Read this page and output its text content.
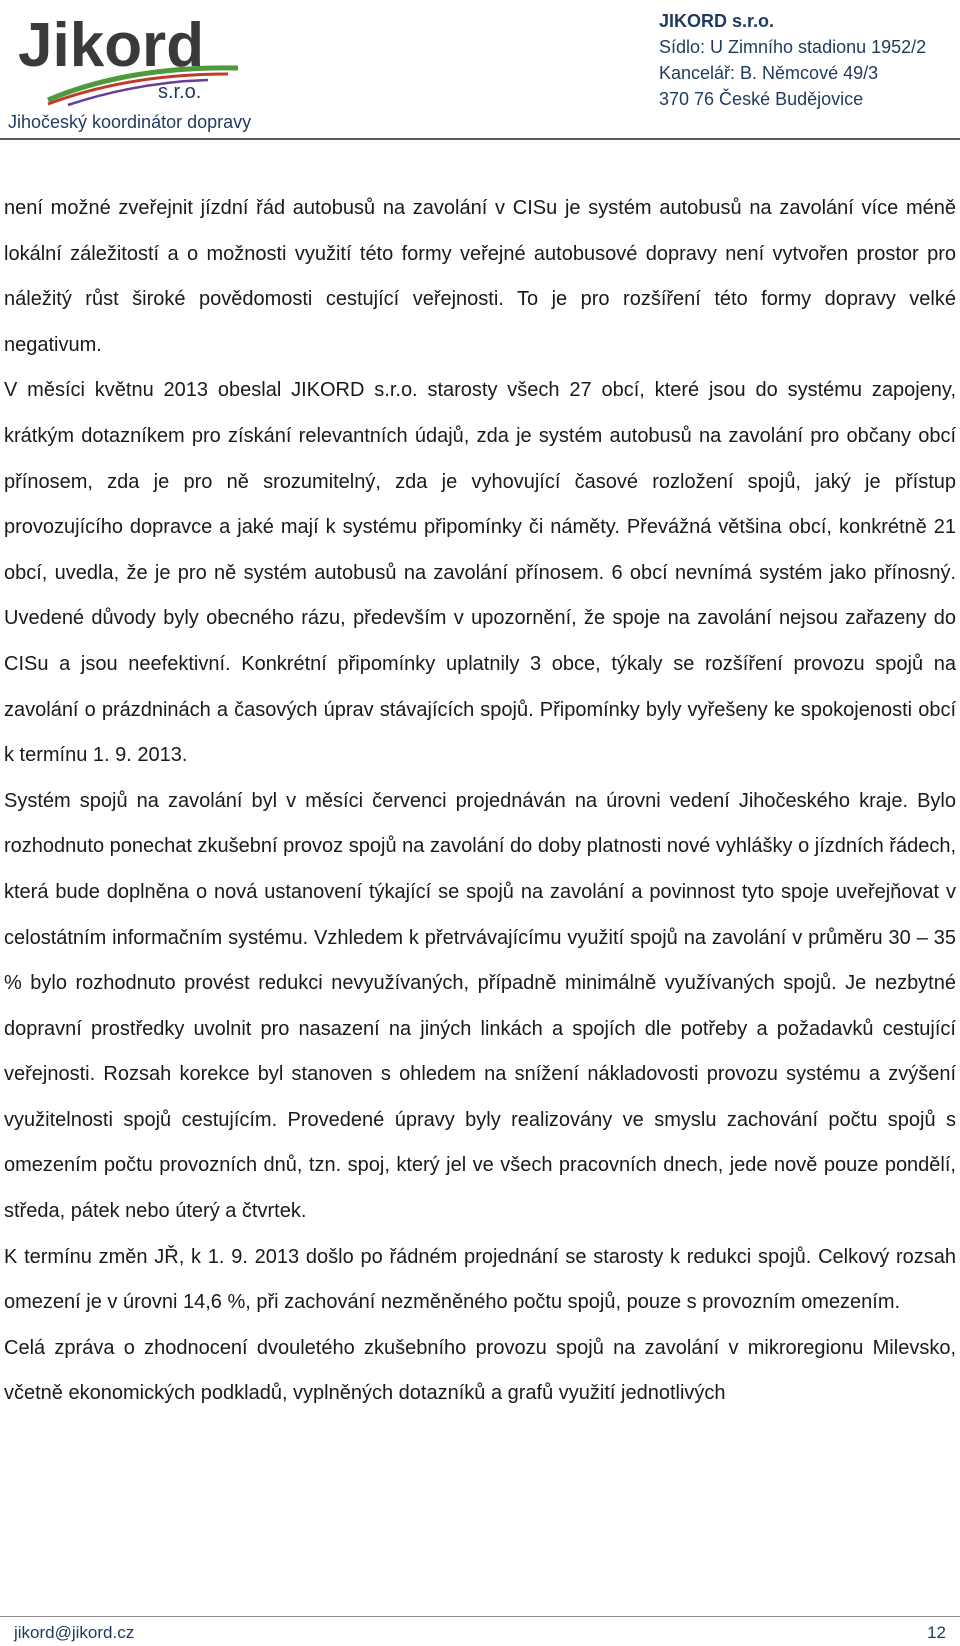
Jikord
s.r.o.
Jihočeský koordinátor dopravy
JIKORD s.r.o.
Sídlo: U Zimního stadionu 1952/2
Kancelář: B. Němcové 49/3
370 76 České Budějovice

není možné zveřejnit jízdní řád autobusů na zavolání v CISu je systém autobusů na zavolání více méně lokální záležitostí a o možnosti využití této formy veřejné autobusové dopravy není vytvořen prostor pro náležitý růst široké povědomosti cestující veřejnosti. To je pro rozšíření této formy dopravy velké negativum.

V měsíci květnu 2013 obeslal JIKORD s.r.o. starosty všech 27 obcí, které jsou do systému zapojeny, krátkým dotazníkem pro získání relevantních údajů, zda je systém autobusů na zavolání pro občany obcí přínosem, zda je pro ně srozumitelný, zda je vyhovující časové rozložení spojů, jaký je přístup provozujícího dopravce a jaké mají k systému připomínky či náměty. Převážná většina obcí, konkrétně 21 obcí, uvedla, že je pro ně systém autobusů na zavolání přínosem. 6 obcí nevnímá systém jako přínosný. Uvedené důvody byly obecného rázu, především v upozornění, že spoje na zavolání nejsou zařazeny do CISu a jsou neefektivní. Konkrétní připomínky uplatnily 3 obce, týkaly se rozšíření provozu spojů na zavolání o prázdninách a časových úprav stávajících spojů. Připomínky byly vyřešeny ke spokojenosti obcí k termínu 1. 9. 2013.

Systém spojů na zavolání byl v měsíci červenci projednáván na úrovni vedení Jihočeského kraje. Bylo rozhodnuto ponechat zkušební provoz spojů na zavolání do doby platnosti nové vyhlášky o jízdních řádech, která bude doplněna o nová ustanovení týkající se spojů na zavolání a povinnost tyto spoje uveřejňovat v celostátním informačním systému. Vzhledem k přetrvávajícímu využití spojů na zavolání v průměru 30 – 35 % bylo rozhodnuto provést redukci nevyužívaných, případně minimálně využívaných spojů. Je nezbytné dopravní prostředky uvolnit pro nasazení na jiných linkách a spojích dle potřeby a požadavků cestující veřejnosti. Rozsah korekce byl stanoven s ohledem na snížení nákladovosti provozu systému a zvýšení využitelnosti spojů cestujícím. Provedené úpravy byly realizovány ve smyslu zachování počtu spojů s omezením počtu provozních dnů, tzn. spoj, který jel ve všech pracovních dnech, jede nově pouze pondělí, středa, pátek nebo úterý a čtvrtek.

K termínu změn JŘ, k 1. 9. 2013 došlo po řádném projednání se starosty k redukci spojů. Celkový rozsah omezení je v úrovni 14,6 %, při zachování nezměněného počtu spojů, pouze s provozním omezením.

Celá zpráva o zhodnocení dvouletého zkušebního provozu spojů na zavolání v mikroregionu Milevsko, včetně ekonomických podkladů, vyplněných dotazníků a grafů využití jednotlivých

jikord@jikord.cz	12
